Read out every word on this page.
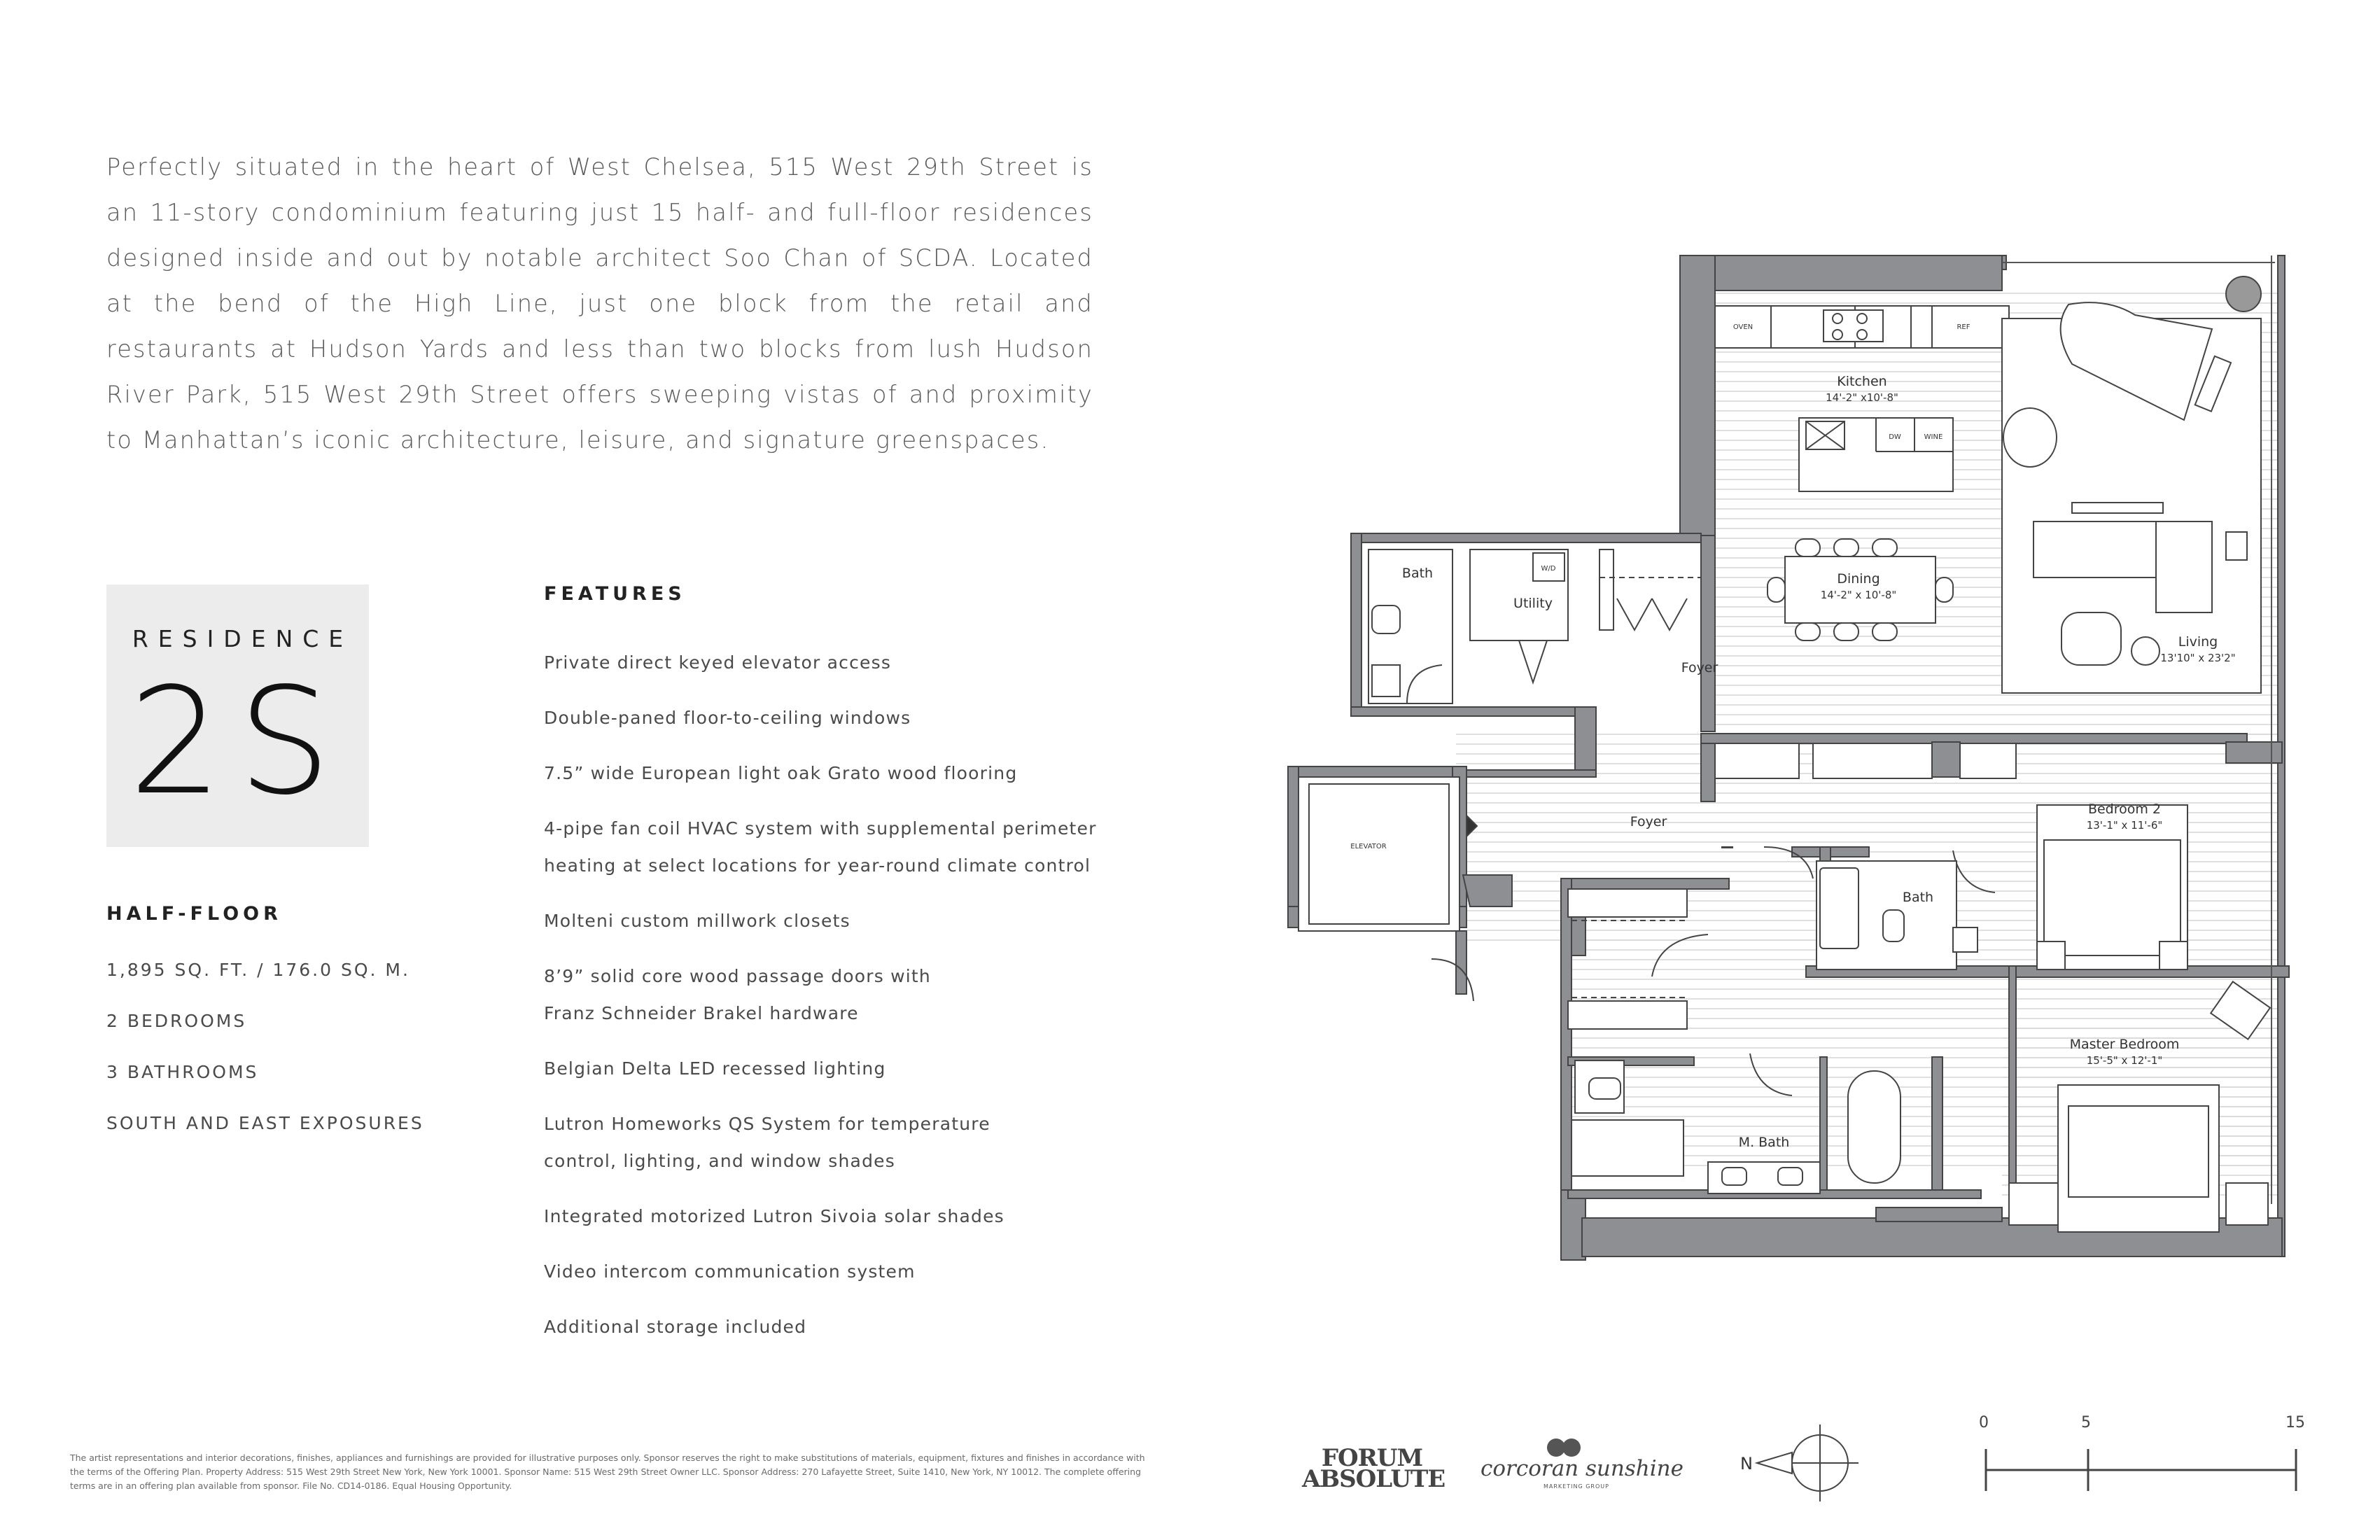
Perfectly situated in the heart of West Chelsea, 515 West 29th Street is an 11-story condominium featuring just 15 half- and full-floor residences designed inside and out by notable architect Soo Chan of SCDA. Located at the bend of the High Line, just one block from the retail and restaurants at Hudson Yards and less than two blocks from lush Hudson River Park, 515 West 29th Street offers sweeping vistas of and proximity to Manhattan’s iconic architecture, leisure, and signature greenspaces.
RESIDENCE
2S
HALF-FLOOR
1,895 SQ. FT. / 176.0 SQ. M.
2 BEDROOMS
3 BATHROOMS
SOUTH AND EAST EXPOSURES
FEATURES
Private direct keyed elevator access
Double-paned floor-to-ceiling windows
7.5” wide European light oak Grato wood flooring
4-pipe fan coil HVAC system with supplemental perimeter heating at select locations for year-round climate control
Molteni custom millwork closets
8’9” solid core wood passage doors with Franz Schneider Brakel hardware
Belgian Delta LED recessed lighting
Lutron Homeworks QS System for temperature control, lighting, and window shades
Integrated motorized Lutron Sivoia solar shades
Video intercom communication system
Additional storage included
Kitchen
14'-2" x10'-8"
Dining
14'-2" x 10'-8"
Living
13'10" x 23'2"
Bedroom 2
13'-1" x 11'-6"
Master Bedroom
15'-5" x 12'-1"
Bath
Bath
M. Bath
Utility
Foyer
Foyer
ELEVATOR
OVEN	REF
DW	WINE
W/D
N
0	5	15
FORUM
ABSOLUTE corcoran sunshine
MARKETING GROUP
The artist representations and interior decorations, finishes, appliances and furnishings are provided for illustrative purposes only. Sponsor reserves the right to make substitutions of materials, equipment, fixtures and finishes in accordance with the terms of the Offering Plan. Property Address: 515 West 29th Street New York, New York 10001. Sponsor Name: 515 West 29th Street Owner LLC. Sponsor Address: 270 Lafayette Street, Suite 1410, New York, NY 10012. The complete offering terms are in an offering plan available from sponsor. File No. CD14-0186. Equal Housing Opportunity.
